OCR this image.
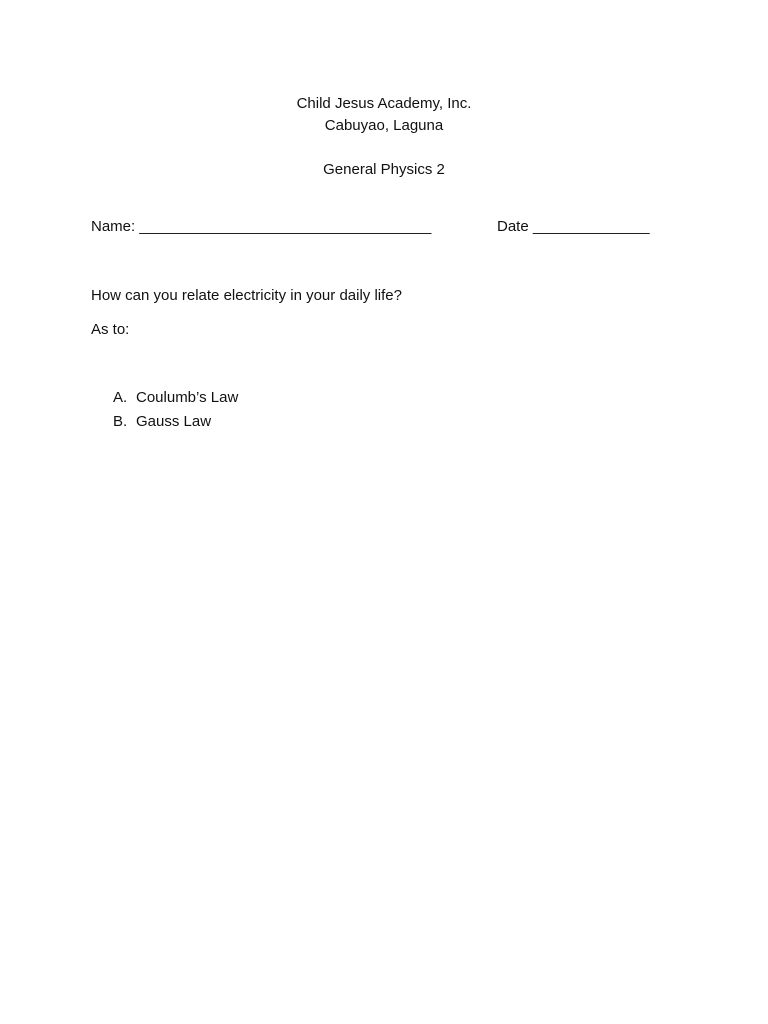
Child Jesus Academy, Inc.
Cabuyao, Laguna
General Physics 2
Name: ___________________________________	Date ______________
How can you relate electricity in your daily life?
As to:
A. Coulumb’s Law
B. Gauss Law
